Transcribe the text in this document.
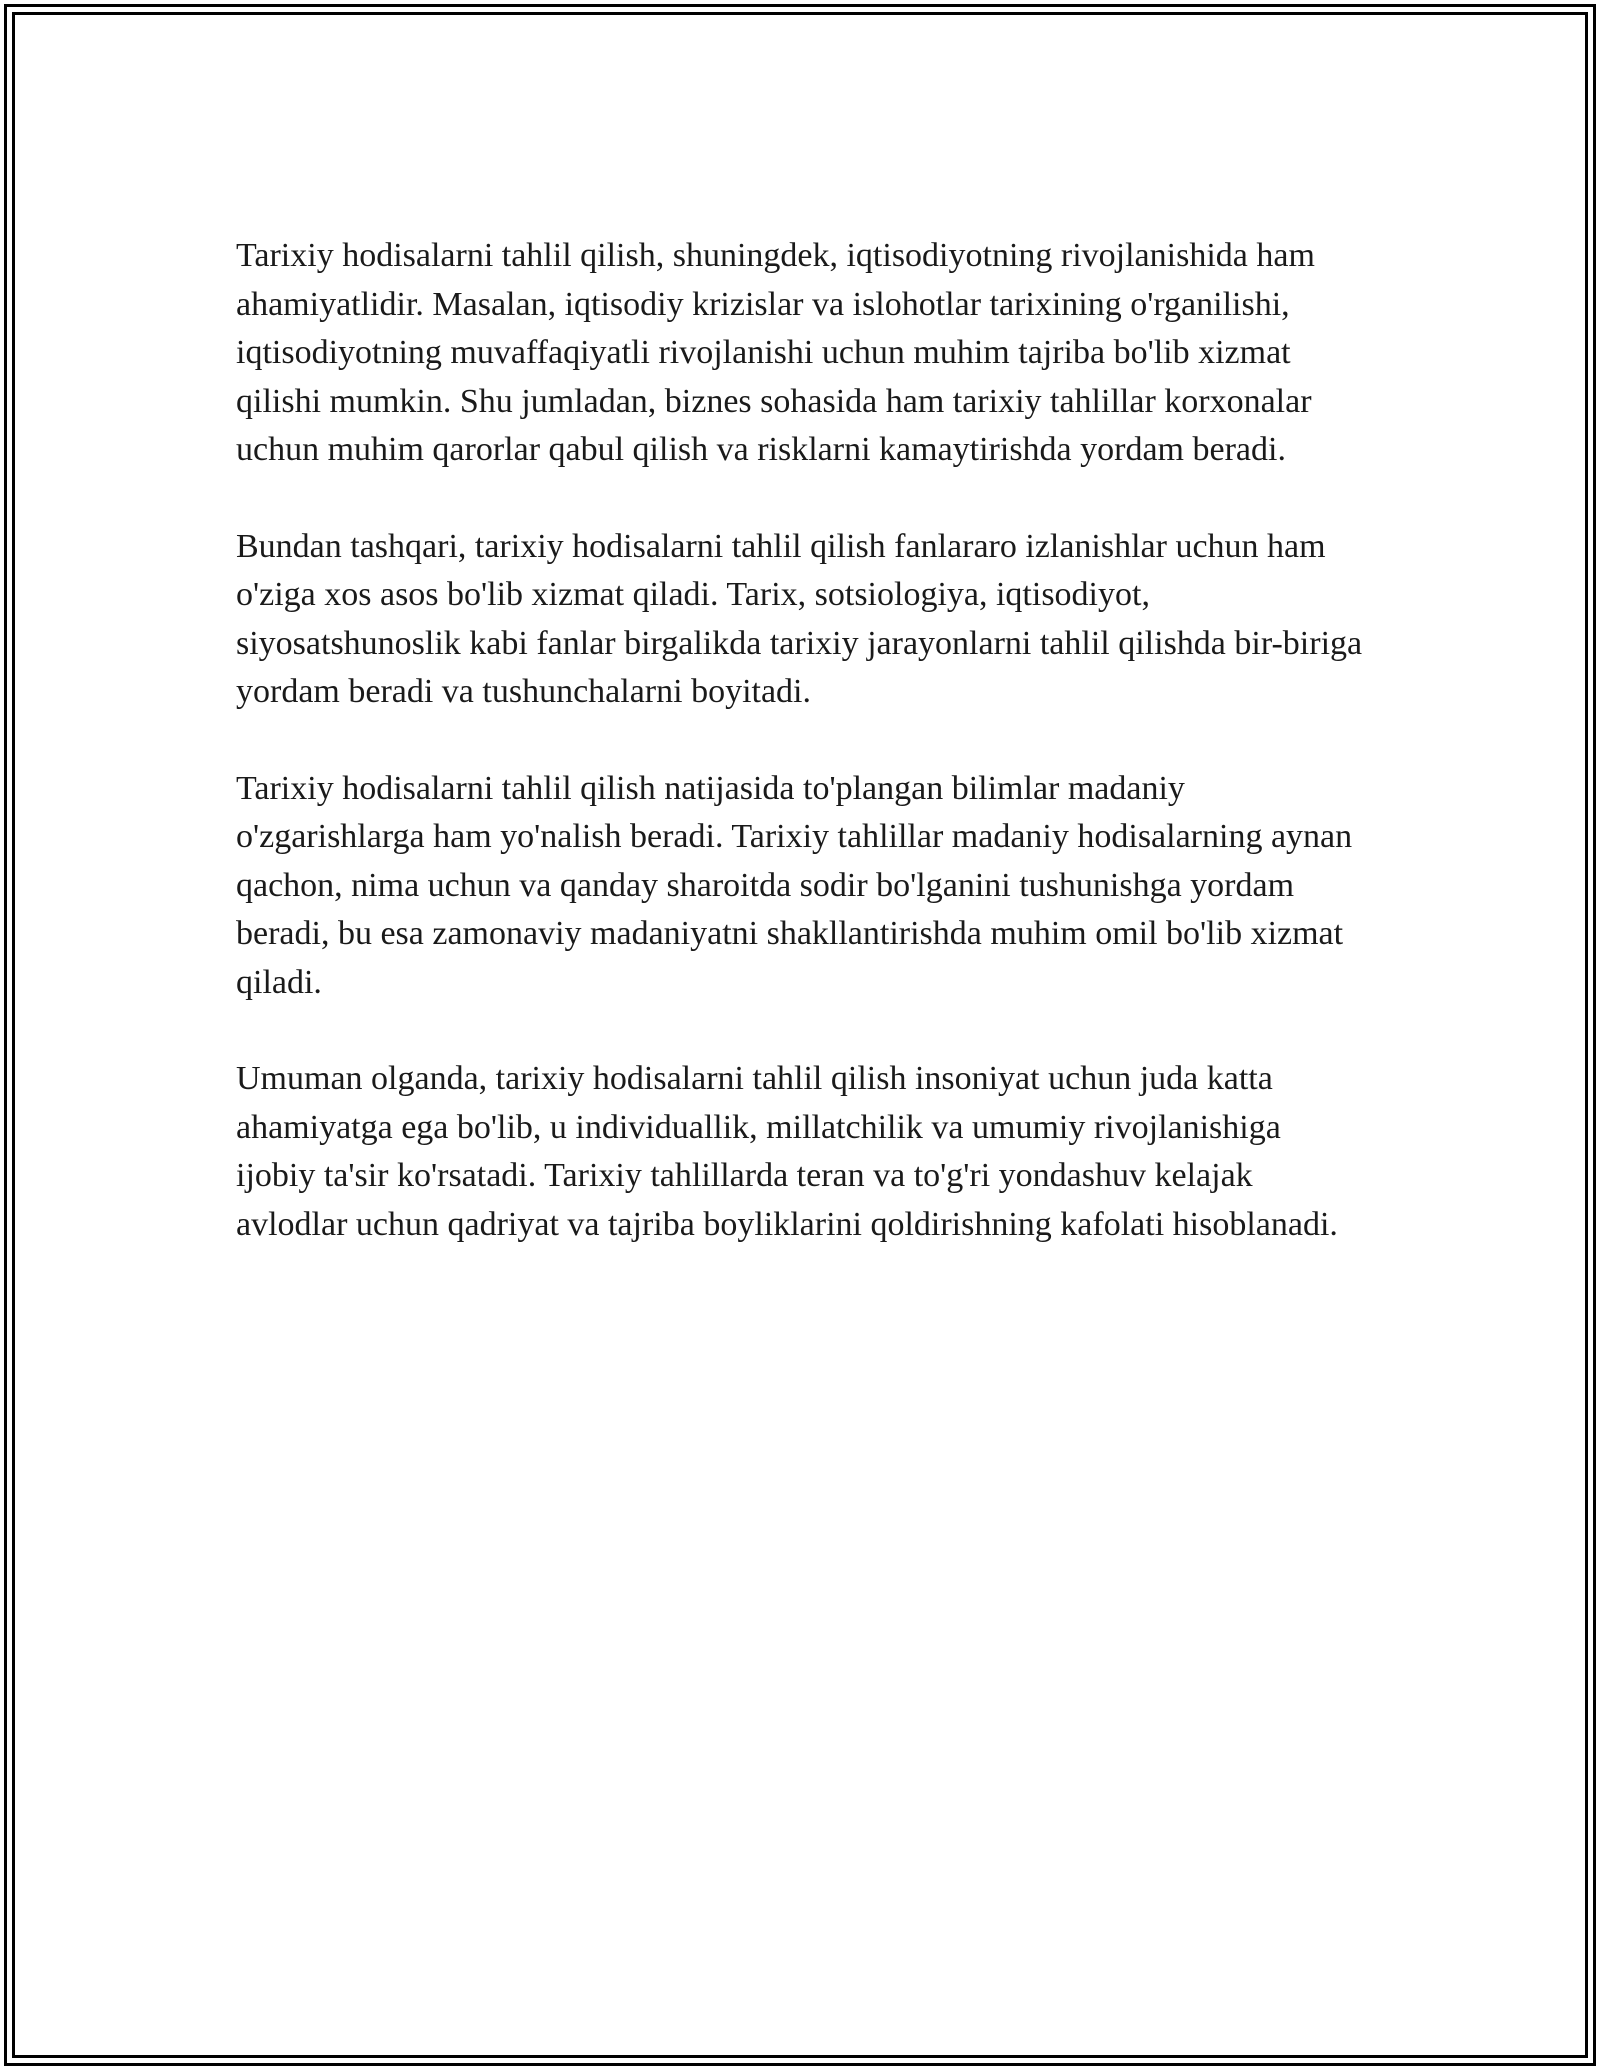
Tarixiy hodisalarni tahlil qilish, shuningdek, iqtisodiyotning rivojlanishida ham ahamiyatlidir. Masalan, iqtisodiy krizislar va islohotlar tarixining o'rganilishi, iqtisodiyotning muvaffaqiyatli rivojlanishi uchun muhim tajriba bo'lib xizmat qilishi mumkin. Shu jumladan, biznes sohasida ham tarixiy tahlillar korxonalar uchun muhim qarorlar qabul qilish va risklarni kamaytirishda yordam beradi.

Bundan tashqari, tarixiy hodisalarni tahlil qilish fanlararo izlanishlar uchun ham o'ziga xos asos bo'lib xizmat qiladi. Tarix, sotsiologiya, iqtisodiyot, siyosatshunoslik kabi fanlar birgalikda tarixiy jarayonlarni tahlil qilishda bir-biriga yordam beradi va tushunchalarni boyitadi.

Tarixiy hodisalarni tahlil qilish natijasida to'plangan bilimlar madaniy o'zgarishlarga ham yo'nalish beradi. Tarixiy tahlillar madaniy hodisalarning aynan qachon, nima uchun va qanday sharoitda sodir bo'lganini tushunishga yordam beradi, bu esa zamonaviy madaniyatni shakllantirishda muhim omil bo'lib xizmat qiladi.

Umuman olganda, tarixiy hodisalarni tahlil qilish insoniyat uchun juda katta ahamiyatga ega bo'lib, u individuallik, millatchilik va umumiy rivojlanishiga ijobiy ta'sir ko'rsatadi. Tarixiy tahlillarda teran va to'g'ri yondashuv kelajak avlodlar uchun qadriyat va tajriba boyliklarini qoldirishning kafolati hisoblanadi.
